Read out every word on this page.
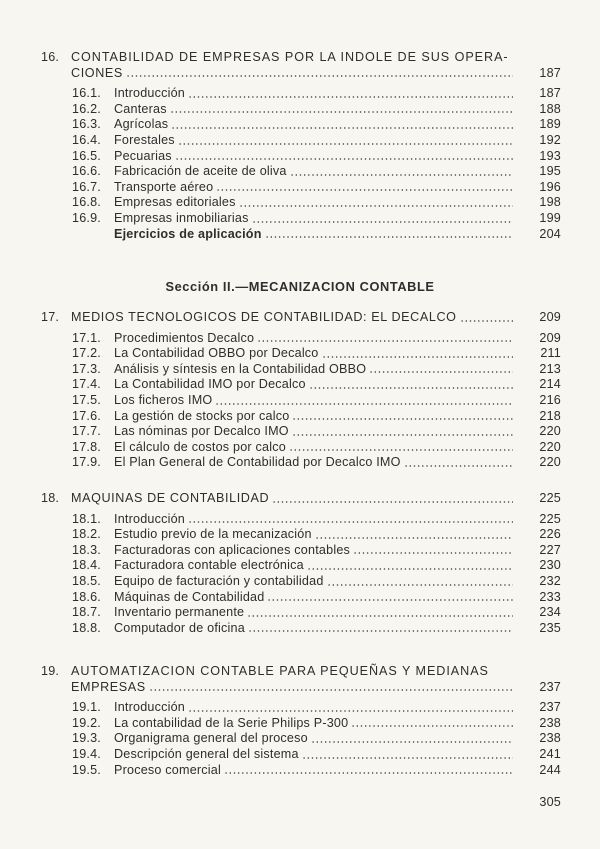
16. CONTABILIDAD DE EMPRESAS POR LA INDOLE DE SUS OPERA-
CIONES	187
16.1.	Introducción	187
16.2.	Canteras	188
16.3.	Agrícolas	189
16.4.	Forestales	192
16.5.	Pecuarias	193
16.6.	Fabricación de aceite de oliva	195
16.7.	Transporte aéreo	196
16.8.	Empresas editoriales	198
16.9.	Empresas inmobiliarias	199
Ejercicios de aplicación	204
Sección II.—MECANIZACION CONTABLE
17. MEDIOS TECNOLOGICOS DE CONTABILIDAD: EL DECALCO	209
17.1.	Procedimientos Decalco	209
17.2.	La Contabilidad OBBO por Decalco	211
17.3.	Análisis y síntesis en la Contabilidad OBBO	213
17.4.	La Contabilidad IMO por Decalco	214
17.5.	Los ficheros IMO	216
17.6.	La gestión de stocks por calco	218
17.7.	Las nóminas por Decalco IMO	220
17.8.	El cálculo de costos por calco	220
17.9.	El Plan General de Contabilidad por Decalco IMO	220
18. MAQUINAS DE CONTABILIDAD	225
18.1.	Introducción	225
18.2.	Estudio previo de la mecanización	226
18.3.	Facturadoras con aplicaciones contables	227
18.4.	Facturadora contable electrónica	230
18.5.	Equipo de facturación y contabilidad	232
18.6.	Máquinas de Contabilidad	233
18.7.	Inventario permanente	234
18.8.	Computador de oficina	235
19. AUTOMATIZACION CONTABLE PARA PEQUEÑAS Y MEDIANAS
EMPRESAS	237
19.1.	Introducción	237
19.2.	La contabilidad de la Serie Philips P-300	238
19.3.	Organigrama general del proceso	238
19.4.	Descripción general del sistema	241
19.5.	Proceso comercial	244
305
